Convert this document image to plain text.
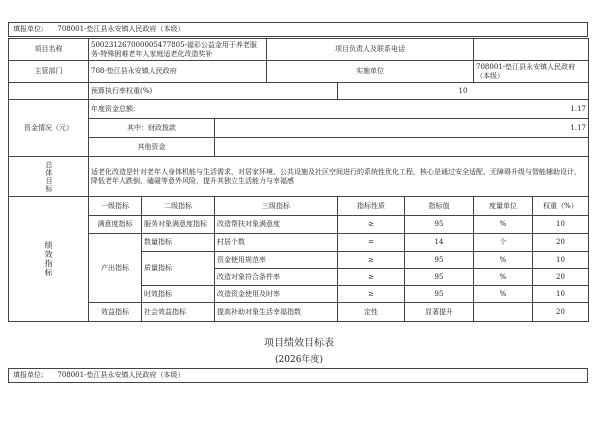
填报单位: 708001-垫江县永安镇人民政府（本级）
项目名称	500231267000005477805-福彩公益金用于养老服务-特殊困难老年人家庭适老化改造奖补			项目负责人及联系电话				
主管部门	708-垫江县永安镇人民政府			实施单位			708001-垫江县永安镇人民政府（本级）	
	预算执行率权重(%)				10			
资金情况（元）	年度资金总额: 1.17							
	其中：财政拨款		1.17					
	其他资金							

总体目标	适老化改造是针对老年人身体机能与生活需求，对居家环境、公共设施及社区空间进行的系统性优化工程，核心是通过安全适配、无障碍升级与智能辅助设计，降低老年人跌倒、磕碰等意外风险，提升其独立生活能力与幸福感							

绩效指标	一级指标	二级指标	三级指标		指标性质	指标值	度量单位	权重（%）
	满意度指标	服务对象满意度指标	改造帮扶对象满意度		≥	95	%	10
	产出指标	数量指标	村居个数		=	14	个	20
		质量指标	资金使用规范率		≥	95	%	10
			改造对象符合条件率		≥	95	%	20
		时效指标	改造资金使用及时率		≥	95	%	10
	效益指标	社会效益指标	提高补助对象生活幸福指数		定性	显著提升		20
项目绩效目标表
(2026年度)
填报单位: 708001-垫江县永安镇人民政府（本级）
